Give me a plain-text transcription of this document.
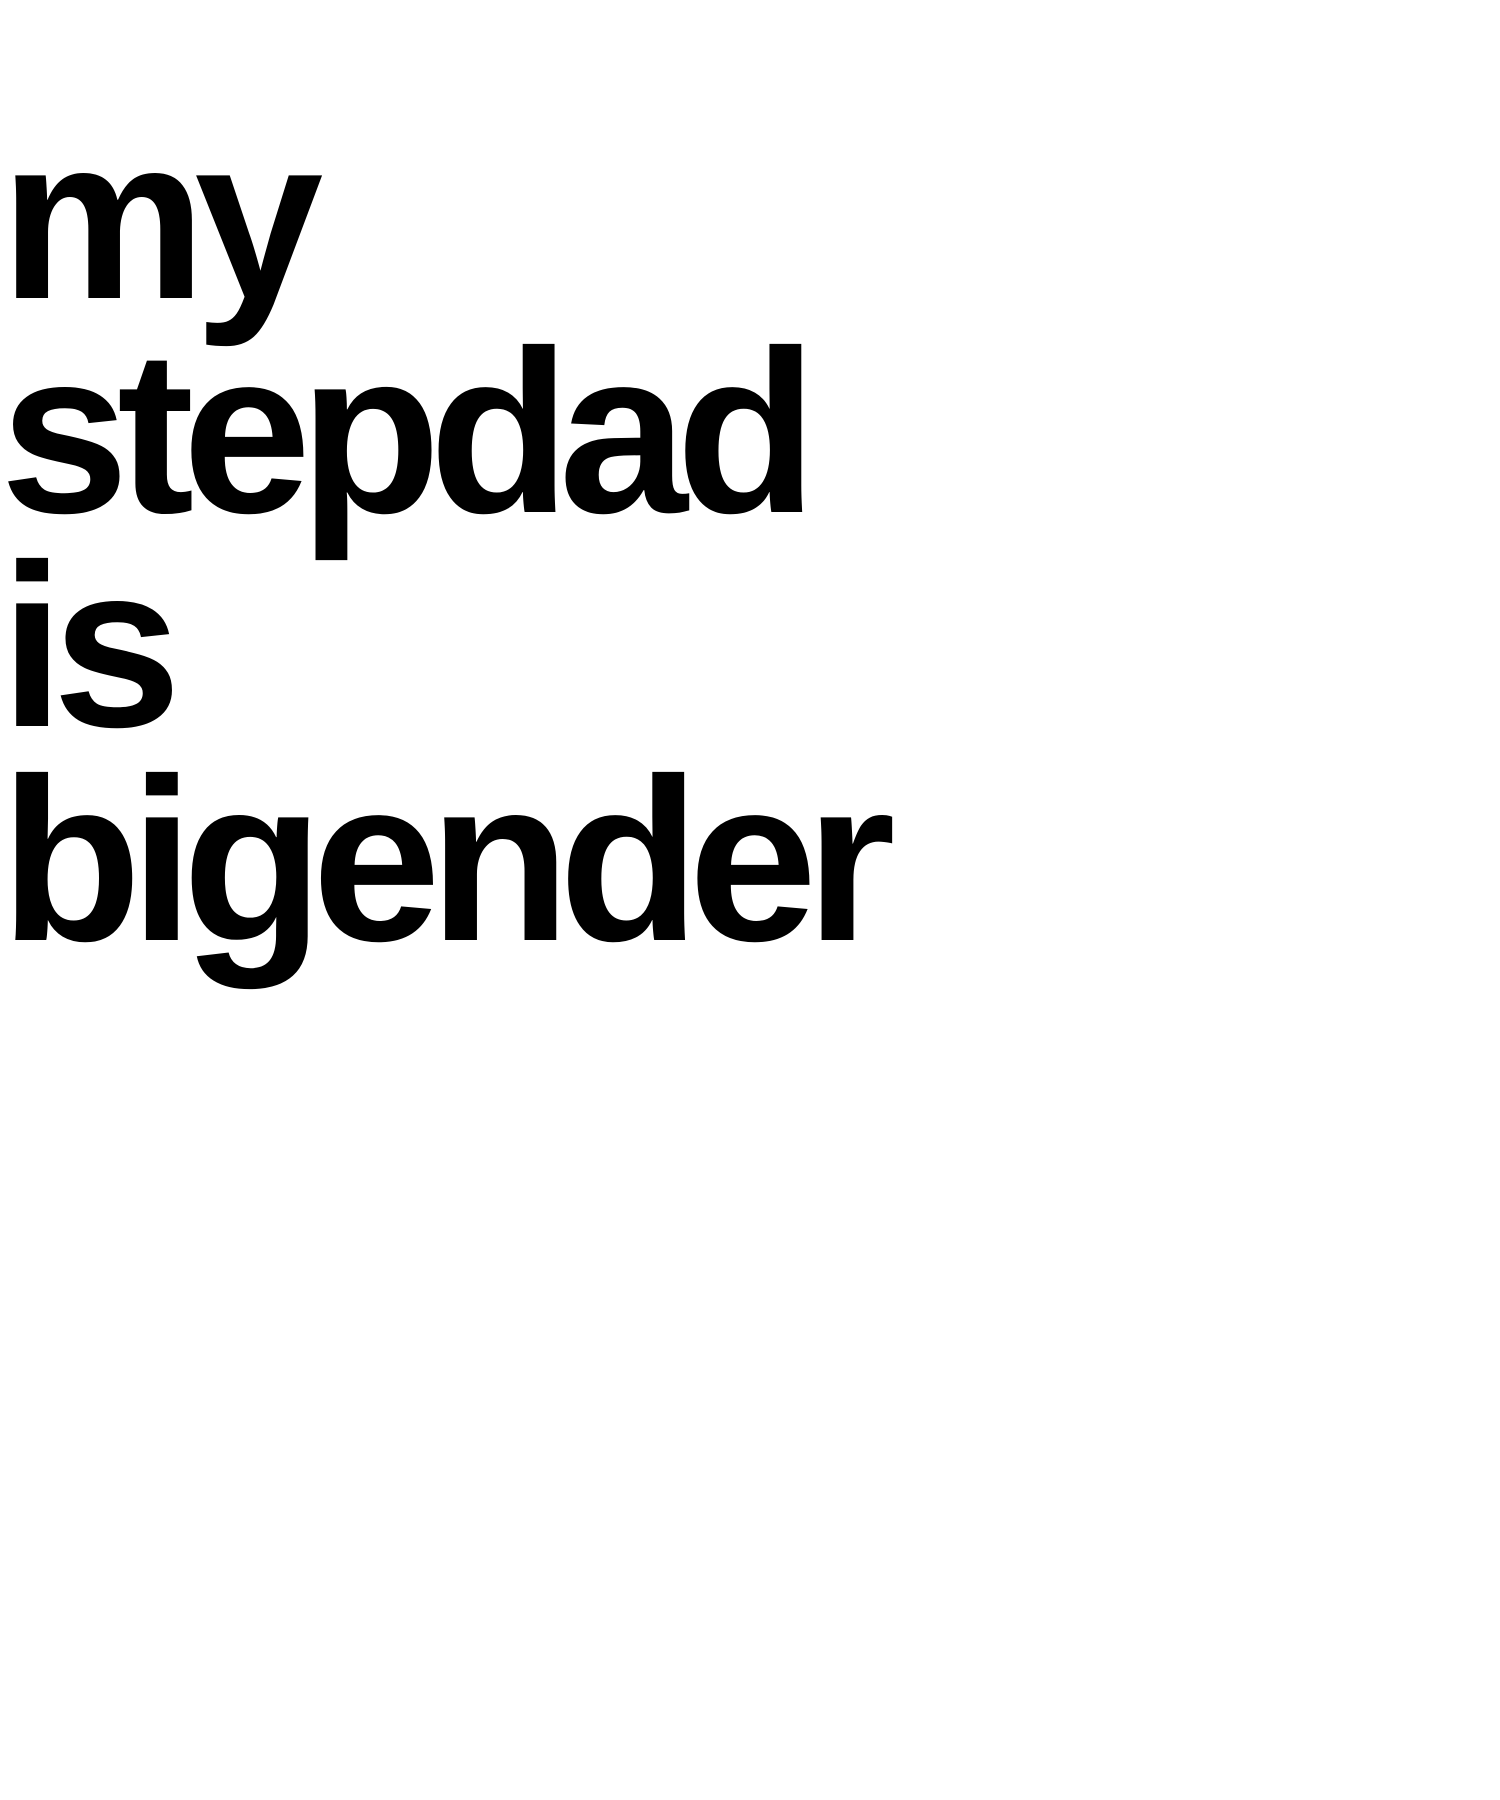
my
stepdad
is
bigender
